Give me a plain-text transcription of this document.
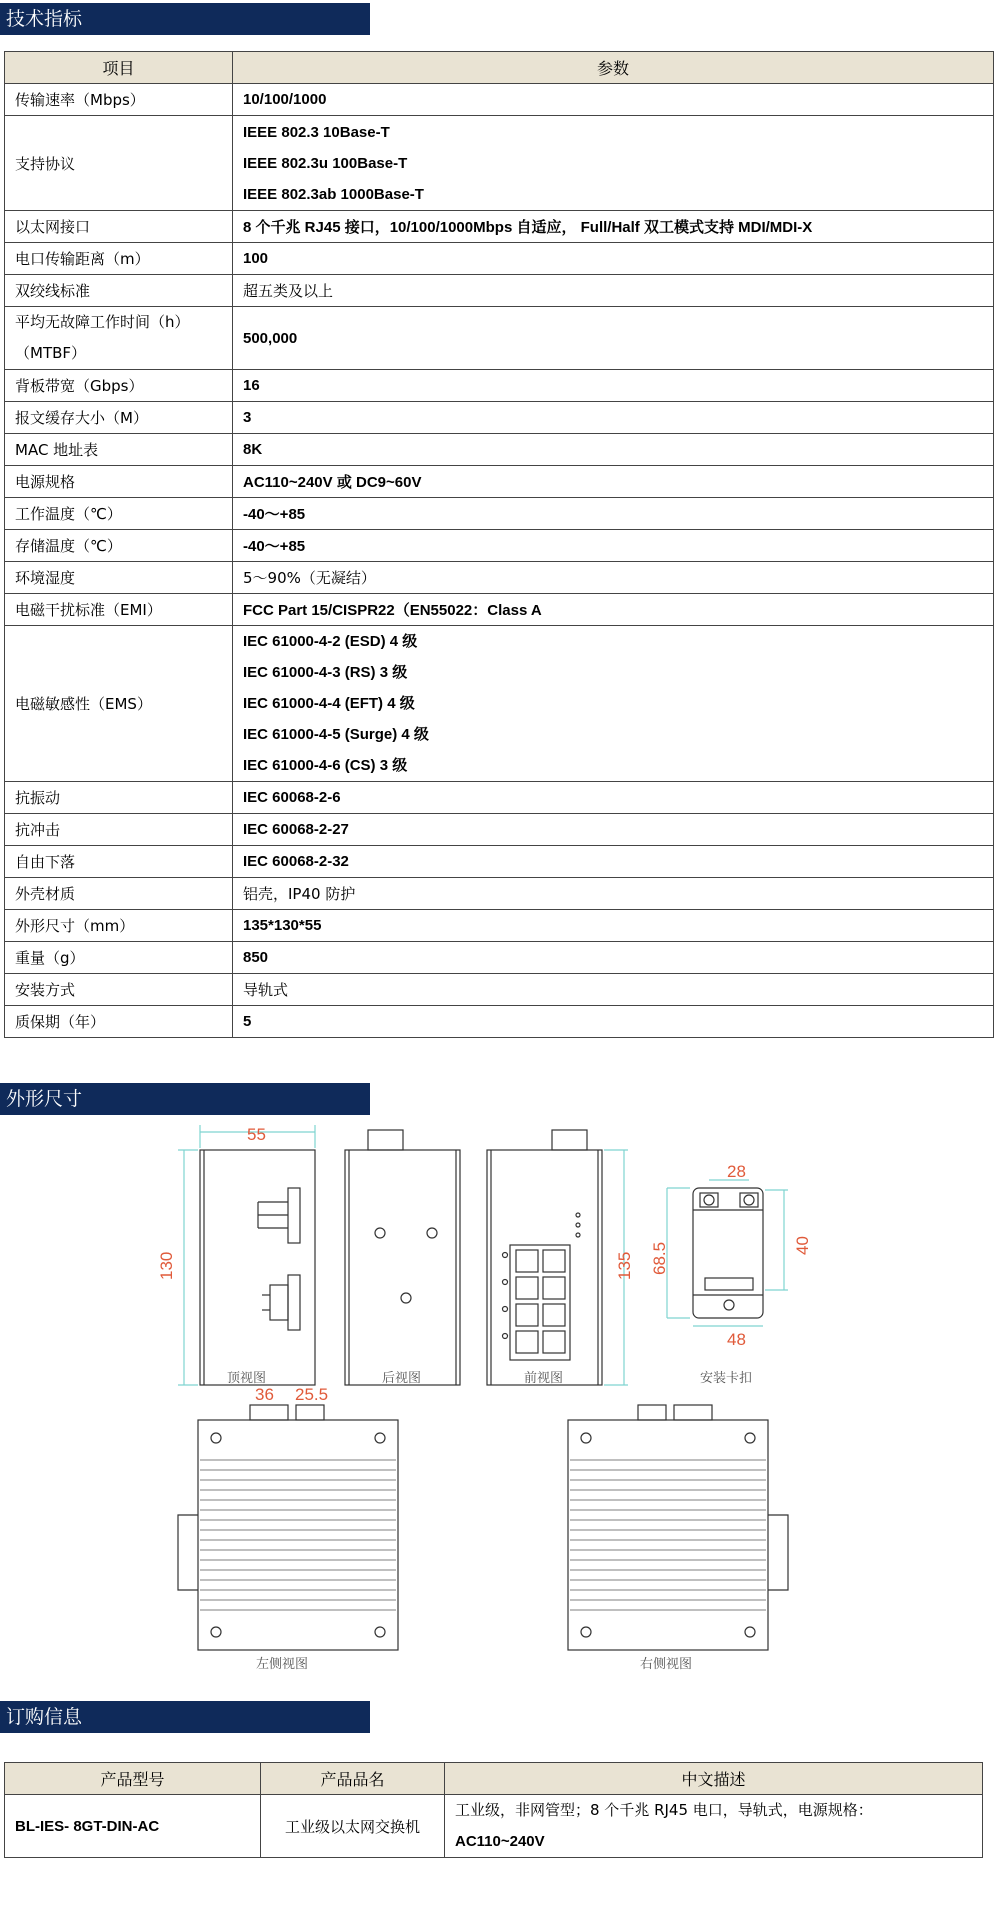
技术指标
项目	参数
传输速率（Mbps）	10/100/1000
支持协议	IEEE 802.3 10Base-T
IEEE 802.3u 100Base-T
IEEE 802.3ab 1000Base-T

以太网接口	8 个千兆 RJ45 接口，10/100/1000Mbps 自适应， Full/Half 双工模式支持 MDI/MDI-X
电口传输距离（m）	100
双绞线标准	超五类及以上

平均无故障工作时间（h）
（MTBF）	500,000
背板带宽（Gbps）	16
报文缓存大小（M）	3
MAC 地址表	8K
电源规格	AC110~240V 或 DC9~60V
工作温度（℃）	-40～+85
存储温度（℃）	-40～+85
环境湿度	5～90%（无凝结）
电磁干扰标准（EMI）	FCC Part 15/CISPR22（EN55022：Class A
电磁敏感性（EMS）	IEC 61000-4-2 (ESD) 4 级
IEC 61000-4-3 (RS) 3 级
IEC 61000-4-4 (EFT) 4 级
IEC 61000-4-5 (Surge) 4 级
IEC 61000-4-6 (CS) 3 级

抗振动	IEC 60068-2-6
抗冲击	IEC 60068-2-27
自由下落	IEC 60068-2-32
外壳材质	铝壳，IP40 防护
外形尺寸（mm）	135*130*55
重量（g）	850
安装方式	导轨式
质保期（年）	5
外形尺寸
55
130	135
28
68.5	40
48
36 25.5
顶视图	后视图	前视图	安装卡扣
左侧视图	右侧视图
订购信息
产品型号	产品品名	中文描述
BL-IES- 8GT-DIN-AC	工业级以太网交换机	工业级，非网管型；8 个千兆 RJ45 电口，导轨式，电源规格：
AC110~240V
